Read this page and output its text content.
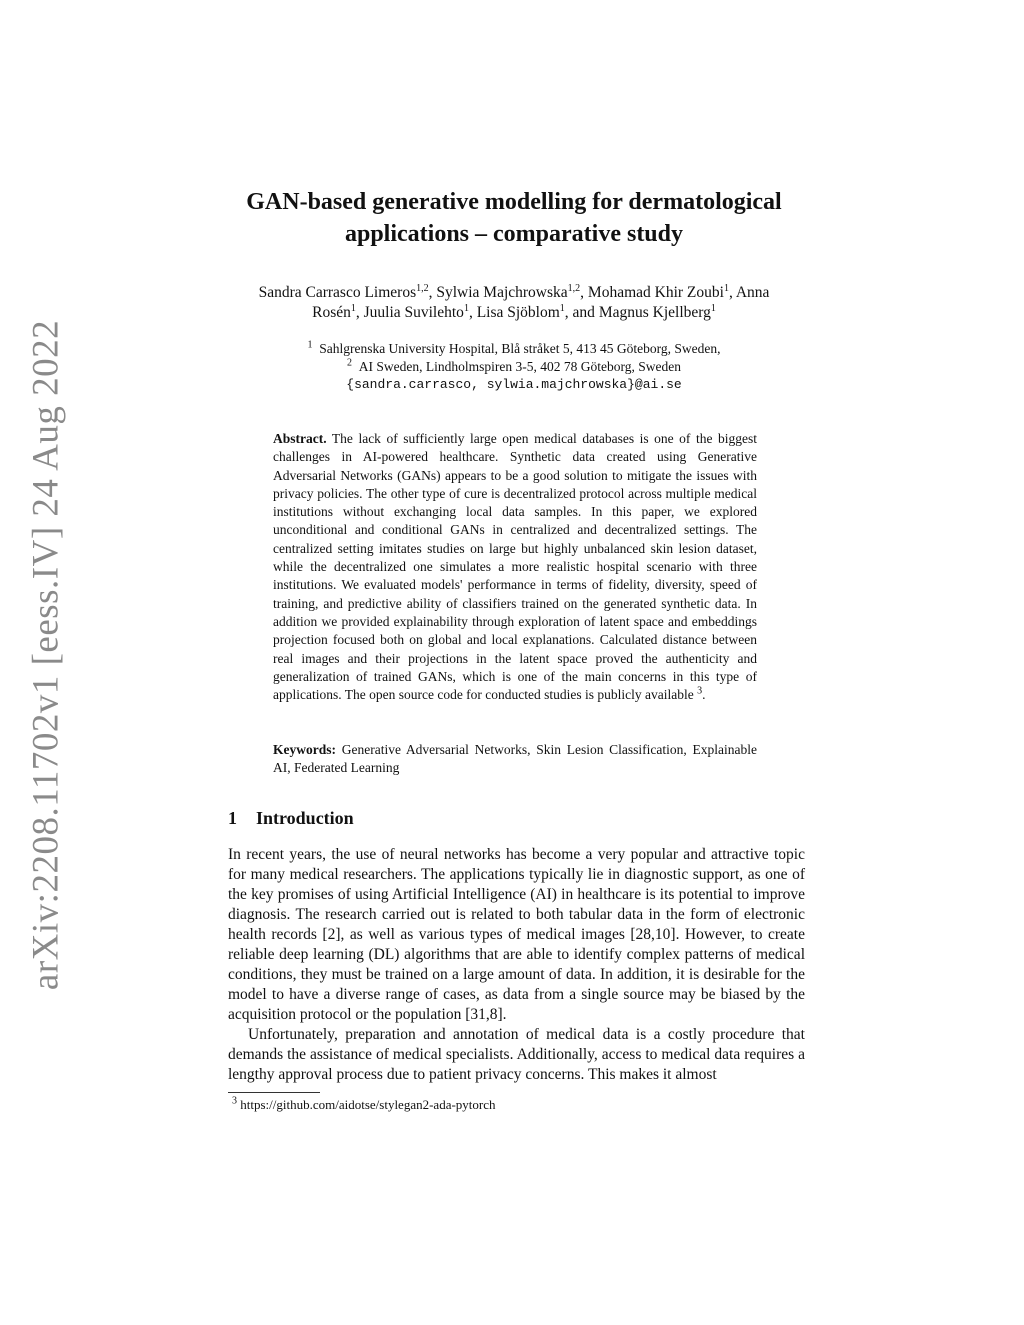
arXiv:2208.11702v1 [eess.IV] 24 Aug 2022
GAN-based generative modelling for dermatological
applications – comparative study
Sandra Carrasco Limeros$^{1,2}$, Sylwia Majchrowska$^{1,2}$, Mohamad Khir Zoubi$^1$, Anna
Rosén$^1$, Juulia Suvilehto$^1$, Lisa Sjöblom$^1$, and Magnus Kjellberg$^1$
$^1$ Sahlgrenska University Hospital, Blå stråket 5, 413 45 Göteborg, Sweden,
$^2$ AI Sweden, Lindholmspiren 3-5, 402 78 Göteborg, Sweden
{sandra.carrasco, sylwia.majchrowska}@ai.se
Abstract. The lack of sufficiently large open medical databases is one of the biggest challenges in AI-powered healthcare. Synthetic data created using Generative Adversarial Networks (GANs) appears to be a good solution to mitigate the issues with privacy policies. The other type of cure is decentralized protocol across multiple medical institutions without exchanging local data samples. In this paper, we explored unconditional and conditional GANs in centralized and decentralized settings. The centralized setting imitates studies on large but highly unbalanced skin lesion dataset, while the decentralized one simulates a more realistic hospital scenario with three institutions. We evaluated models' performance in terms of fidelity, diversity, speed of training, and predictive ability of classifiers trained on the generated synthetic data. In addition we provided explainability through exploration of latent space and embeddings projection focused both on global and local explanations. Calculated distance between real images and their projections in the latent space proved the authenticity and generalization of trained GANs, which is one of the main concerns in this type of applications. The open source code for conducted studies is publicly available $^3$.
Keywords: Generative Adversarial Networks, Skin Lesion Classification, Explainable AI, Federated Learning
1 Introduction

In recent years, the use of neural networks has become a very popular and attractive topic for many medical researchers. The applications typically lie in diagnostic support, as one of the key promises of using Artificial Intelligence (AI) in healthcare is its potential to improve diagnosis. The research carried out is related to both tabular data in the form of electronic health records [2], as well as various types of medical images [28,10]. However, to create reliable deep learning (DL) algorithms that are able to identify complex patterns of medical conditions, they must be trained on a large amount of data. In addition, it is desirable for the model to have a diverse range of cases, as data from a single source may be biased by the acquisition protocol or the population [31,8].

Unfortunately, preparation and annotation of medical data is a costly procedure that demands the assistance of medical specialists. Additionally, access to medical data requires a lengthy approval process due to patient privacy concerns. This makes it almost

$^3$ https://github.com/aidotse/stylegan2-ada-pytorch
